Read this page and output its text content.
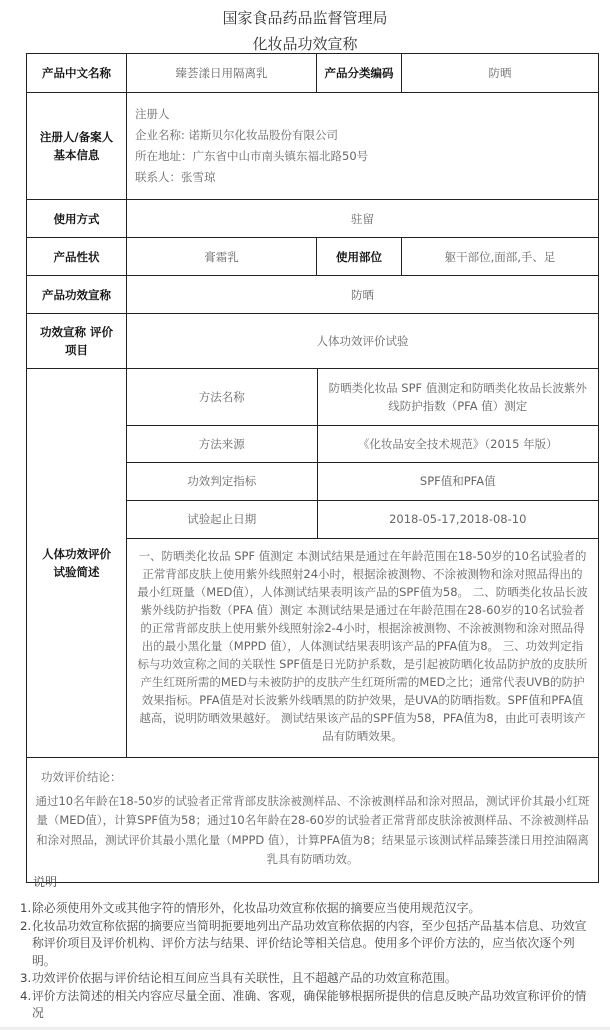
国家食品药品监督管理局
化妆品功效宣称
产品中文名称	臻荟漾日用隔离乳	产品分类编码	防晒
注册人/备案人基本信息	
注册人
企业名称: 诺斯贝尔化妆品股份有限公司
所在地址：广东省中山市南头镇东福北路50号
联系人：张雪琼

使用方式	驻留
产品性状	膏霜乳	使用部位	躯干部位,面部,手、足
产品功效宣称	防晒
功效宣称 评价项目	人体功效评价试验
人体功效评价试验简述	
方法名称	防晒类化妆品 SPF 值测定和防晒类化妆品长波紫外线防护指数（PFA 值）测定
方法来源	《化妆品安全技术规范》（2015 年版）
功效判定指标	SPF值和PFA值
试验起止日期	2018-05-17,2018-08-10
一、防晒类化妆品 SPF 值测定 本测试结果是通过在年龄范围在18-50岁的10名试验者的正常背部皮肤上使用紫外线照射24小时，根据涂被测物、不涂被测物和涂对照品得出的最小红斑量（MED值），人体测试结果表明该产品的SPF值为58。 二、防晒类化妆品长波紫外线防护指数（PFA 值）测定 本测试结果是通过在年龄范围在28-60岁的10名试验者的正常背部皮肤上使用紫外线照射涂2-4小时，根据涂被测物、不涂被测物和涂对照品得出的最小黑化量（MPPD 值），人体测试结果表明该产品的PFA值为8。 三、功效判定指标与功效宣称之间的关联性 SPF值是日光防护系数，是引起被防晒化妆品防护放的皮肤所产生红斑所需的MED与未被防护的皮肤产生红斑所需的MED之比；通常代表UVB的防护效果指标。PFA值是对长波紫外线晒黑的防护效果，是UVA的防晒指数。SPF值和PFA值越高，说明防晒效果越好。 测试结果该产品的SPF值为58，PFA值为8，由此可表明该产品有防晒效果。

功效评价结论：
通过10名年龄在18-50岁的试验者正常背部皮肤涂被测样品、不涂被测样品和涂对照品，测试评价其最小红斑量（MED值），计算SPF值为58；通过10名年龄在28-60岁的试验者正常背部皮肤涂被测样品、不涂被测样品和涂对照品，测试评价其最小黑化量（MPPD 值），计算PFA值为8；结果显示该测试样品臻荟漾日用控油隔离乳具有防晒功效。
说明
1. 除必须使用外文或其他字符的情形外，化妆品功效宣称依据的摘要应当使用规范汉字。
2. 化妆品功效宣称依据的摘要应当简明扼要地列出产品功效宣称依据的内容，至少包括产品基本信息、功效宣称评价项目及评价机构、评价方法与结果、评价结论等相关信息。使用多个评价方法的，应当依次逐个列明。
3. 功效评价依据与评价结论相互间应当具有关联性，且不超越产品的功效宣称范围。
4. 评价方法简述的相关内容应尽量全面、准确、客观，确保能够根据所提供的信息反映产品功效宣称评价的情况
